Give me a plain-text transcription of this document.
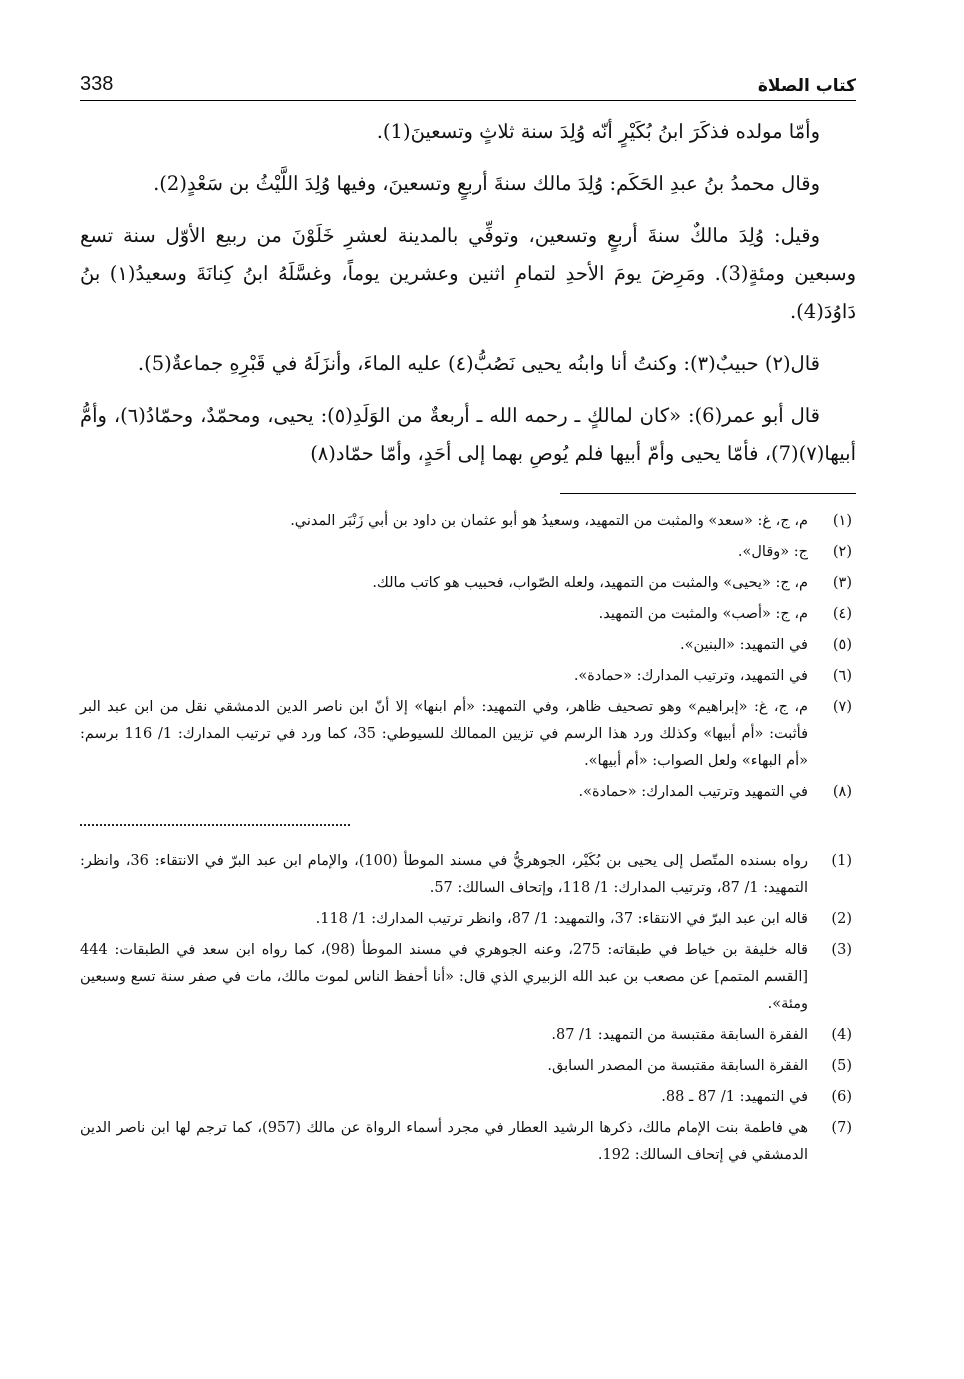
كتاب الصلاة
338

وأمّا مولده فذكَرَ ابنُ بُكَيْرٍ أنّه وُلِدَ سنة ثلاثٍ وتسعينَ(1).

وقال محمدُ بنُ عبدِ الحَكَم: وُلِدَ مالك سنةَ أربعٍ وتسعينَ، وفيها وُلِدَ اللَّيْثُ بن سَعْدٍ(2).

وقيل: وُلِدَ مالكٌ سنةَ أربعٍ وتسعين، وتوفِّي بالمدينة لعشرِ خَلَوْنَ من ربيع الأوّل سنة تسع وسبعين ومئةٍ(3). ومَرِضَ يومَ الأحدِ لتمامِ اثنين وعشرين يوماً، وغسَّلَهُ ابنُ كِنانَةَ وسعيدُ(١) بنُ دَاوُدَ(4).

قال(٢) حبيبٌ(٣): وكنتُ أنا وابنُه يحيى نَصُبُّ(٤) عليه الماءَ، وأنزَلَهُ في قَبْرِهِ جماعةٌ(5).

قال أبو عمر(6): «كان لمالكٍ ـ رحمه الله ـ أربعةٌ من الوَلَدِ(٥): يحيى، ومحمّدٌ، وحمّادُ(٦)، وأمُّ أبيها(٧)(7)، فأمّا يحيى وأمّ أبيها فلم يُوصِ بهما إلى أحَدٍ، وأمّا حمّاد(٨)

(١)
م، ج، غ: «سعد» والمثبت من التمهيد، وسعيدُ هو أبو عثمان بن داود بن أبي زَنْبَر المدني.
(٢)
ج: «وقال».
(٣)
م، ج: «يحيى» والمثبت من التمهيد، ولعله الصّواب، فحبيب هو كاتب مالك.
(٤)
م، ج: «أصب» والمثبت من التمهيد.
(٥)
في التمهيد: «البنين».
(٦)
في التمهيد، وترتيب المدارك: «حمادة».
(٧)
م، ج، غ: «إبراهيم» وهو تصحيف ظاهر، وفي التمهيد: «أم ابنها» إلا أنّ ابن ناصر الدين الدمشقي نقل من ابن عبد البر فأثبت: «أم أبيها» وكذلك ورد هذا الرسم في تزيين الممالك للسيوطي: 35، كما ورد في ترتيب المدارك: 1/ 116 برسم: «أم البهاء» ولعل الصواب: «أم أبيها».
(٨)
في التمهيد وترتيب المدارك: «حمادة».
(1)
رواه بسنده المتّصل إلى يحيى بن بُكَيْر، الجوهريُّ في مسند الموطأ (100)، والإمام ابن عبد البرّ في الانتقاء: 36، وانظر: التمهيد: 1/ 87، وترتيب المدارك: 1/ 118، وإتحاف السالك: 57.
(2)
قاله ابن عبد البرّ في الانتقاء: 37، والتمهيد: 1/ 87، وانظر ترتيب المدارك: 1/ 118.
(3)
قاله خليفة بن خياط في طبقاته: 275، وعنه الجوهري في مسند الموطأ (98)، كما رواه ابن سعد في الطبقات: 444 [القسم المتمم] عن مصعب بن عبد الله الزبيري الذي قال: «أنا أحفظ الناس لموت مالك، مات في صفر سنة تسع وسبعين ومئة».
(4)
الفقرة السابقة مقتبسة من التمهيد: 1/ 87.
(5)
الفقرة السابقة مقتبسة من المصدر السابق.
(6)
في التمهيد: 1/ 87 ـ 88.
(7)
هي فاطمة بنت الإمام مالك، ذكرها الرشيد العطار في مجرد أسماء الرواة عن مالك (957)، كما ترجم لها ابن ناصر الدين الدمشقي في إتحاف السالك: 192.
